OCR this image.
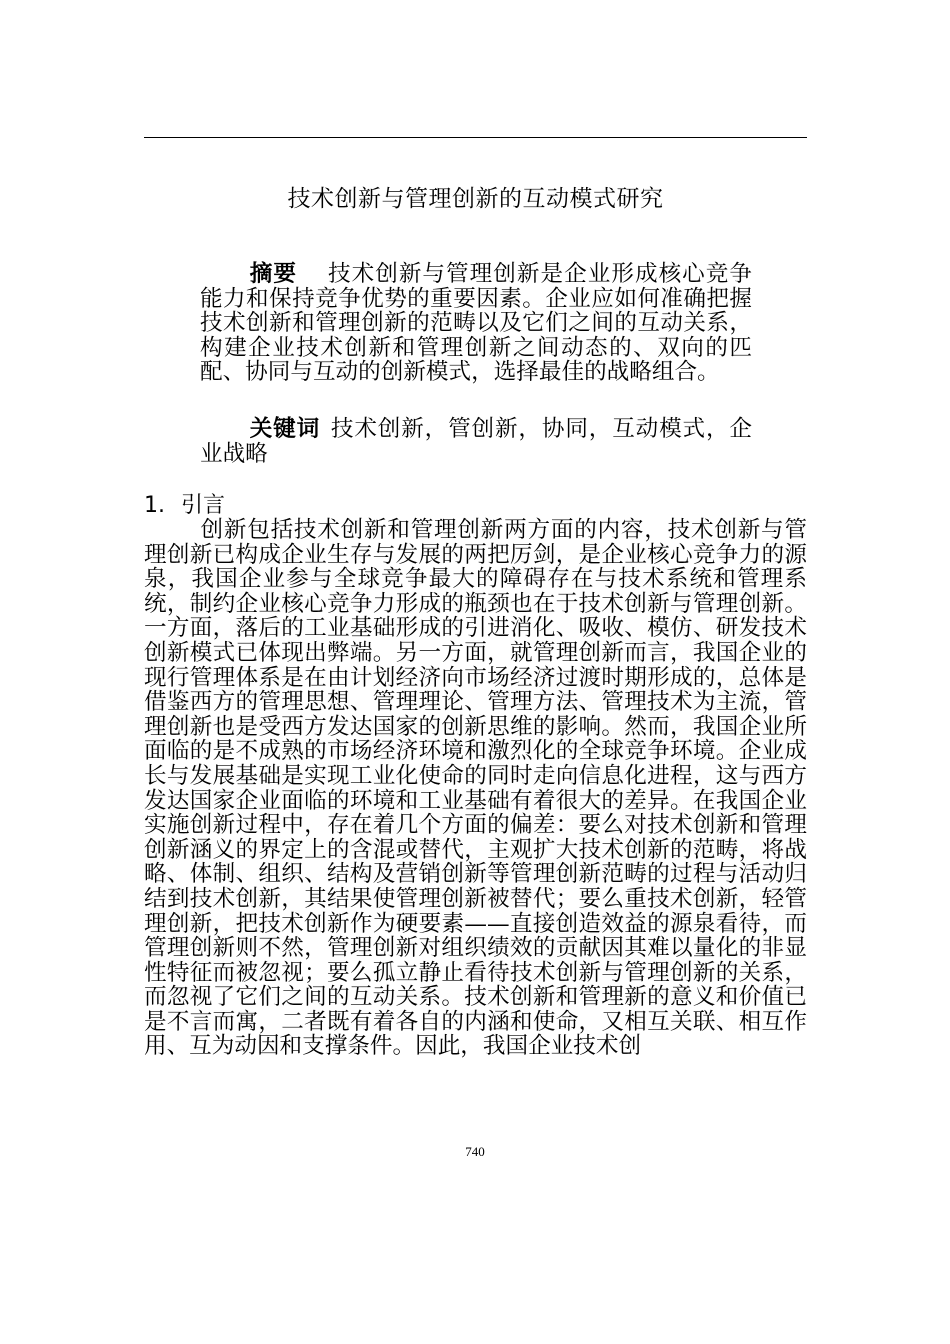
技术创新与管理创新的互动模式研究

摘要 技术创新与管理创新是企业形成核心竞争能力和保持竞争优势的重要因素。企业应如何准确把握技术创新和管理创新的范畴以及它们之间的互动关系，构建企业技术创新和管理创新之间动态的、双向的匹配、协同与互动的创新模式，选择最佳的战略组合。

关键词 技术创新，管创新，协同，互动模式，企业战略

1. 引言

创新包括技术创新和管理创新两方面的内容，技术创新与管理创新已构成企业生存与发展的两把厉剑，是企业核心竞争力的源泉，我国企业参与全球竞争最大的障碍存在与技术系统和管理系统，制约企业核心竞争力形成的瓶颈也在于技术创新与管理创新。一方面，落后的工业基础形成的引进消化、吸收、模仿、研发技术创新模式已体现出弊端。另一方面，就管理创新而言，我国企业的现行管理体系是在由计划经济向市场经济过渡时期形成的，总体是借鉴西方的管理思想、管理理论、管理方法、管理技术为主流，管理创新也是受西方发达国家的创新思维的影响。然而，我国企业所面临的是不成熟的市场经济环境和激烈化的全球竞争环境。企业成长与发展基础是实现工业化使命的同时走向信息化进程，这与西方发达国家企业面临的环境和工业基础有着很大的差异。在我国企业实施创新过程中，存在着几个方面的偏差：要么对技术创新和管理创新涵义的界定上的含混或替代，主观扩大技术创新的范畴，将战略、体制、组织、结构及营销创新等管理创新范畴的过程与活动归结到技术创新，其结果使管理创新被替代；要么重技术创新，轻管理创新，把技术创新作为硬要素——直接创造效益的源泉看待，而管理创新则不然，管理创新对组织绩效的贡献因其难以量化的非显性特征而被忽视；要么孤立静止看待技术创新与管理创新的关系，而忽视了它们之间的互动关系。技术创新和管理新的意义和价值已是不言而寓，二者既有着各自的内涵和使命，又相互关联、相互作用、互为动因和支撑条件。因此，我国企业技术创

740
